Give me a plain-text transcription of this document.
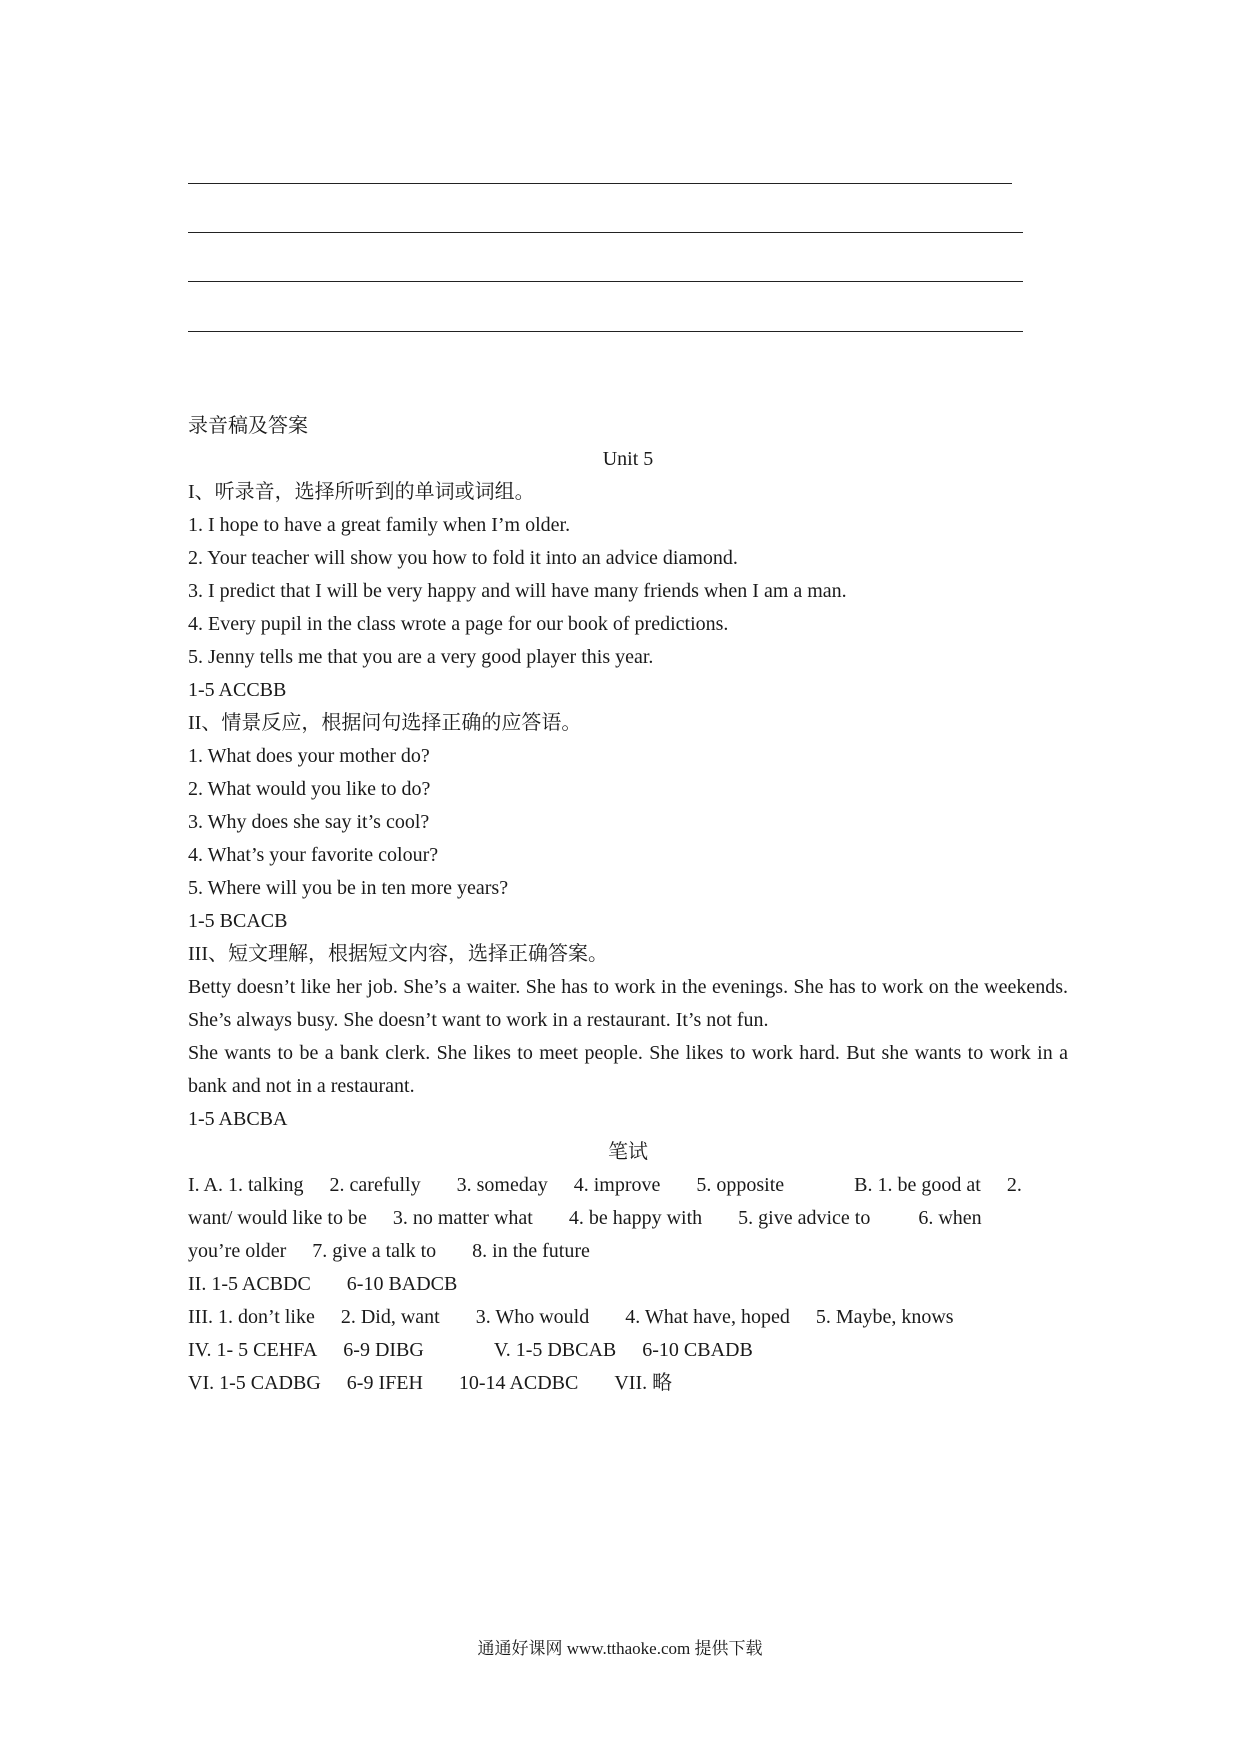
录音稿及答案
Unit 5
I、听录音，选择所听到的单词或词组。
1. I hope to have a great family when I’m older.
2. Your teacher will show you how to fold it into an advice diamond.
3. I predict that I will be very happy and will have many friends when I am a man.
4. Every pupil in the class wrote a page for our book of predictions.
5. Jenny tells me that you are a very good player this year.
1-5 ACCBB
II、情景反应，根据问句选择正确的应答语。
1. What does your mother do?
2. What would you like to do?
3. Why does she say it’s cool?
4. What’s your favorite colour?
5. Where will you be in ten more years?
1-5 BCACB
III、短文理解，根据短文内容，选择正确答案。
Betty doesn’t like her job. She’s a waiter. She has to work in the evenings. She has to work on the weekends. She’s always busy. She doesn’t want to work in a restaurant. It’s not fun.
She wants to be a bank clerk. She likes to meet people. She likes to work hard. But she wants to work in a bank and not in a restaurant.
1-5 ABCBA
笔试
I. A. 1. talking 2. carefully 3. someday 4. improve 5. opposite	B. 1. be good at 2.
want/ would like to be 3. no matter what 4. be happy with 5. give advice to 6. when
you’re older 7. give a talk to 8. in the future
II. 1-5 ACBDC 6-10 BADCB
III. 1. don’t like 2. Did, want 3. Who would 4. What have, hoped 5. Maybe, knows
IV. 1- 5 CEHFA 6-9 DIBG	V. 1-5 DBCAB 6-10 CBADB
VI. 1-5 CADBG 6-9 IFEH 10-14 ACDBC VII. 略
通通好课网 www.tthaoke.com 提供下载
